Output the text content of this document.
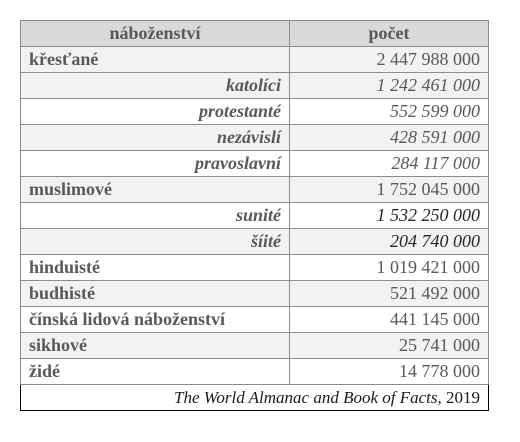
náboženství	počet
křesťané	2 447 988 000
katolíci	1 242 461 000
protestanté	552 599 000
nezávislí	428 591 000
pravoslavní	284 117 000
muslimové	1 752 045 000
sunité	1 532 250 000
šíité	204 740 000
hinduisté	1 019 421 000
budhisté	521 492 000
čínská lidová náboženství	441 145 000
sikhové	25 741 000
židé	14 778 000
The World Almanac and Book of Facts, 2019	
